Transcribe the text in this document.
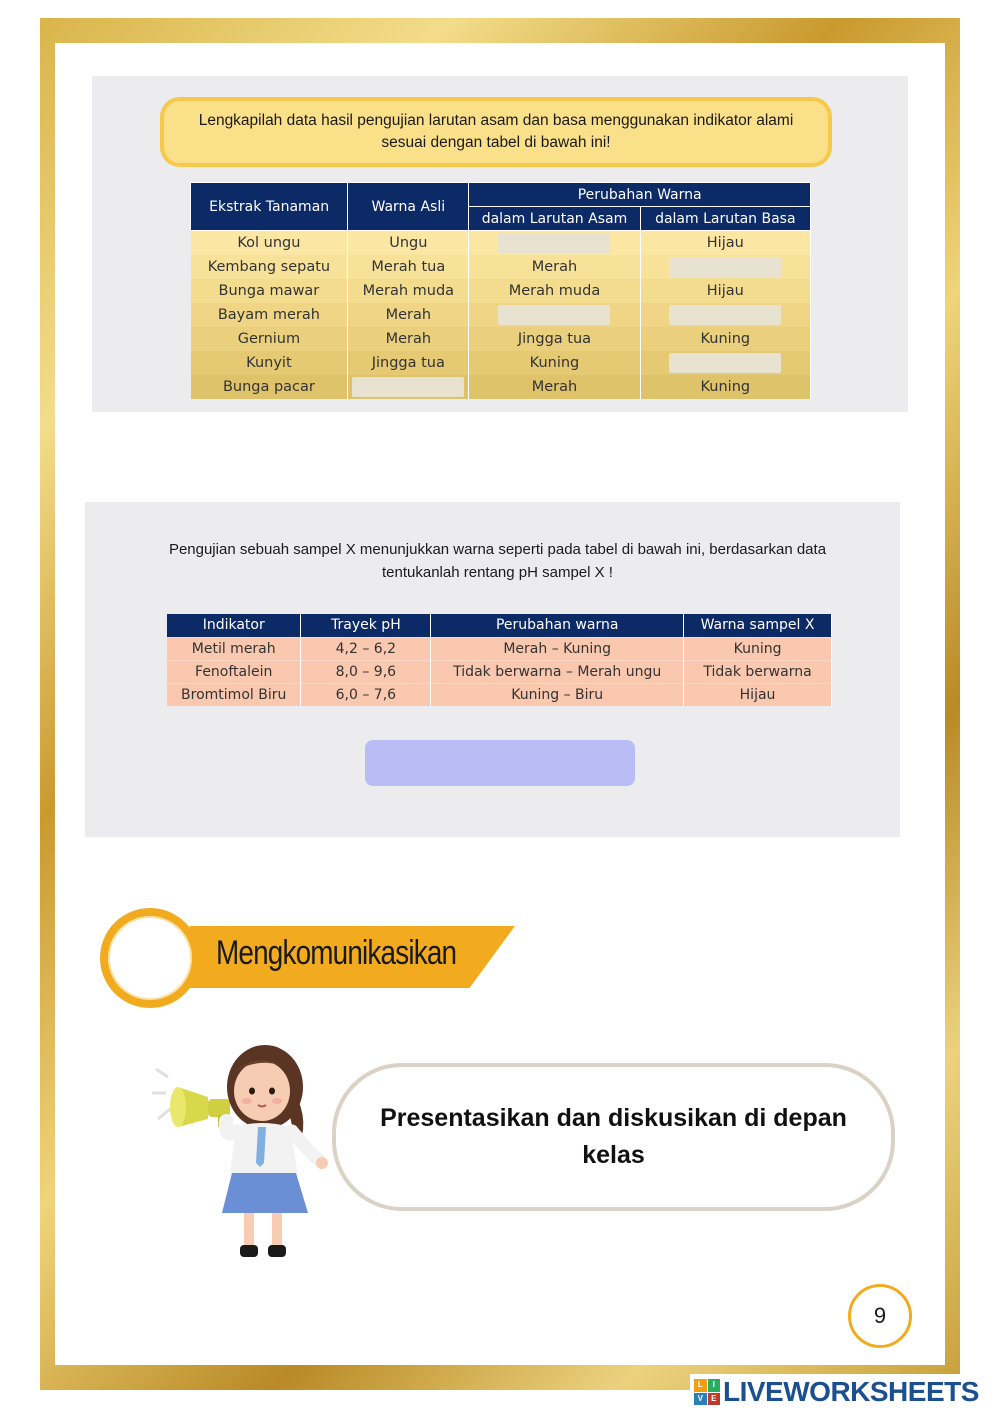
Lengkapilah data hasil pengujian larutan asam dan basa menggunakan indikator alami sesuai dengan tabel di bawah ini!
Ekstrak Tanaman	Warna Asli	Perubahan Warna	
		dalam Larutan Asam	dalam Larutan Basa
Kol ungu	Ungu		Hijau
Kembang sepatu	Merah tua	Merah	
Bunga mawar	Merah muda	Merah muda	Hijau
Bayam merah	Merah		
Gernium	Merah	Jingga tua	Kuning
Kunyit	Jingga tua	Kuning	
Bunga pacar		Merah	Kuning
Pengujian sebuah sampel X menunjukkan warna seperti pada tabel di bawah ini, berdasarkan data tentukanlah rentang pH sampel X !
Indikator	Trayek pH	Perubahan warna	Warna sampel X
Metil merah	4,2 – 6,2	Merah – Kuning	Kuning
Fenoftalein	8,0 – 9,6	Tidak berwarna – Merah ungu	Tidak berwarna
Bromtimol Biru	6,0 – 7,6	Kuning – Biru	Hijau
Mengkomunikasikan
Presentasikan dan diskusikan di depan kelas
9
L	I
V	E LIVEWORKSHEETS
